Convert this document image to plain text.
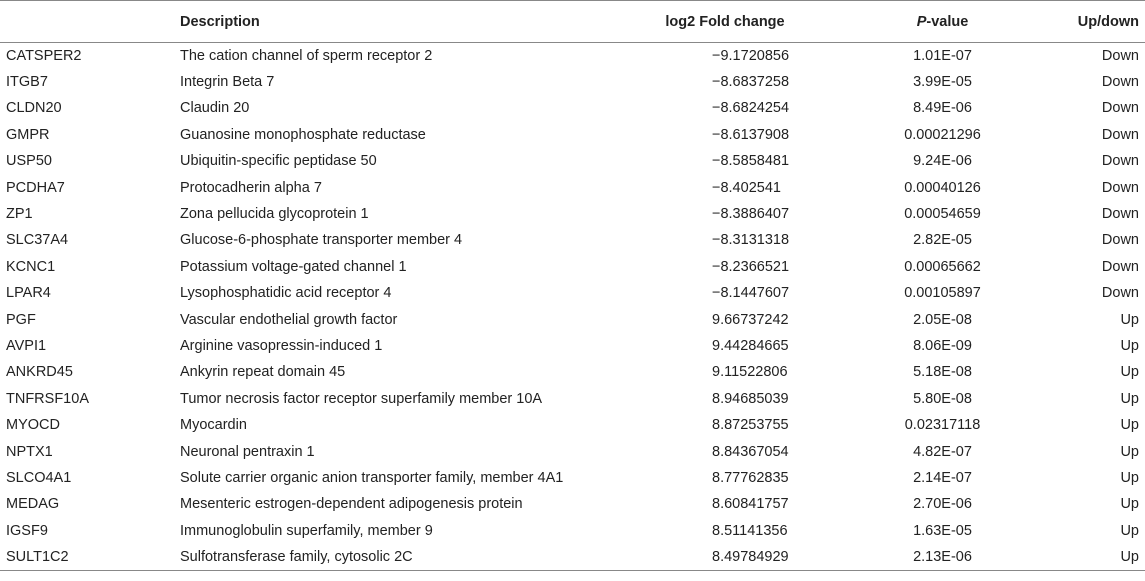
	Description	log2 Fold change	P-value	Up/down
CATSPER2	The cation channel of sperm receptor 2	−9.1720856	1.01E-07	Down
ITGB7	Integrin Beta 7	−8.6837258	3.99E-05	Down
CLDN20	Claudin 20	−8.6824254	8.49E-06	Down
GMPR	Guanosine monophosphate reductase	−8.6137908	0.00021296	Down
USP50	Ubiquitin-specific peptidase 50	−8.5858481	9.24E-06	Down
PCDHA7	Protocadherin alpha 7	−8.402541	0.00040126	Down
ZP1	Zona pellucida glycoprotein 1	−8.3886407	0.00054659	Down
SLC37A4	Glucose-6-phosphate transporter member 4	−8.3131318	2.82E-05	Down
KCNC1	Potassium voltage-gated channel 1	−8.2366521	0.00065662	Down
LPAR4	Lysophosphatidic acid receptor 4	−8.1447607	0.00105897	Down
PGF	Vascular endothelial growth factor	9.66737242	2.05E-08	Up
AVPI1	Arginine vasopressin-induced 1	9.44284665	8.06E-09	Up
ANKRD45	Ankyrin repeat domain 45	9.11522806	5.18E-08	Up
TNFRSF10A	Tumor necrosis factor receptor superfamily member 10A	8.94685039	5.80E-08	Up
MYOCD	Myocardin	8.87253755	0.02317118	Up
NPTX1	Neuronal pentraxin 1	8.84367054	4.82E-07	Up
SLCO4A1	Solute carrier organic anion transporter family, member 4A1	8.77762835	2.14E-07	Up
MEDAG	Mesenteric estrogen-dependent adipogenesis protein	8.60841757	2.70E-06	Up
IGSF9	Immunoglobulin superfamily, member 9	8.51141356	1.63E-05	Up
SULT1C2	Sulfotransferase family, cytosolic 2C	8.49784929	2.13E-06	Up
